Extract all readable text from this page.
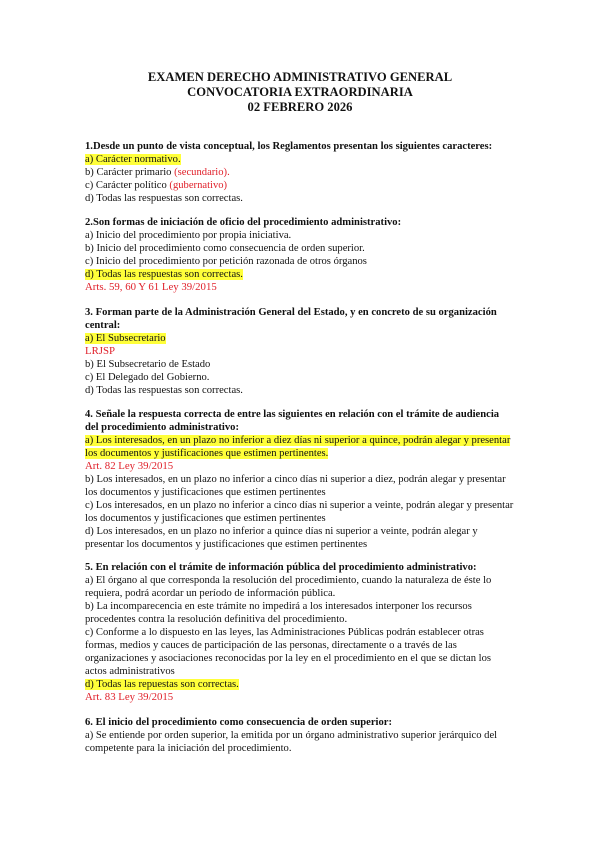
EXAMEN DERECHO ADMINISTRATIVO GENERAL
CONVOCATORIA EXTRAORDINARIA
02 FEBRERO 2026
1.Desde un punto de vista conceptual, los Reglamentos presentan los siguientes caracteres:
a) Carácter normativo.
b) Carácter primario (secundario).
c) Carácter político (gubernativo)
d) Todas las respuestas son correctas.
2.Son formas de iniciación de oficio del procedimiento administrativo:
a) Inicio del procedimiento por propia iniciativa.
b) Inicio del procedimiento como consecuencia de orden superior.
c) Inicio del procedimiento por petición razonada de otros órganos
d) Todas las respuestas son correctas.
Arts. 59, 60 Y 61 Ley 39/2015
3. Forman parte de la Administración General del Estado, y en concreto de su organización central:
a) El Subsecretario
LRJSP
b) El Subsecretario de Estado
c) El Delegado del Gobierno.
d) Todas las respuestas son correctas.
4. Señale la respuesta correcta de entre las siguientes en relación con el trámite de audiencia del procedimiento administrativo:
a) Los interesados, en un plazo no inferior a diez días ni superior a quince, podrán alegar y presentar los documentos y justificaciones que estimen pertinentes.
Art. 82 Ley 39/2015
b) Los interesados, en un plazo no inferior a cinco días ni superior a diez, podrán alegar y presentar los documentos y justificaciones que estimen pertinentes
c) Los interesados, en un plazo no inferior a cinco días ni superior a veinte, podrán alegar y presentar los documentos y justificaciones que estimen pertinentes
d) Los interesados, en un plazo no inferior a quince días ni superior a veinte, podrán alegar y presentar los documentos y justificaciones que estimen pertinentes
5. En relación con el trámite de información pública del procedimiento administrativo:
a) El órgano al que corresponda la resolución del procedimiento, cuando la naturaleza de éste lo requiera, podrá acordar un período de información pública.
b) La incomparecencia en este trámite no impedirá a los interesados interponer los recursos procedentes contra la resolución definitiva del procedimiento.
c) Conforme a lo dispuesto en las leyes, las Administraciones Públicas podrán establecer otras formas, medios y cauces de participación de las personas, directamente o a través de las organizaciones y asociaciones reconocidas por la ley en el procedimiento en el que se dictan los actos administrativos
d) Todas las repuestas son correctas.
Art. 83 Ley 39/2015
6. El inicio del procedimiento como consecuencia de orden superior:
a) Se entiende por orden superior, la emitida por un órgano administrativo superior jerárquico del competente para la iniciación del procedimiento.
